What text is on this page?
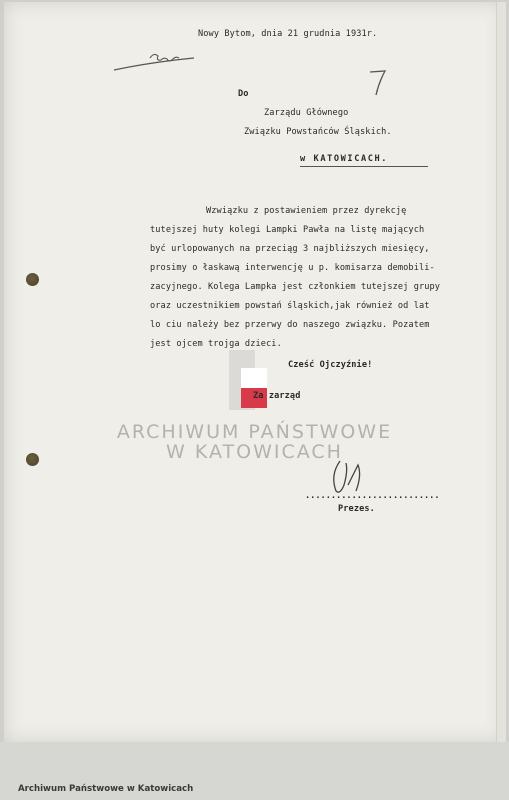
Nowy Bytom, dnia 21 grudnia 1931r.
Do
Zarządu Głównego
Związku Powstańców Śląskich.
w KATOWICACH.
Wzwiązku z postawieniem przez dyrekcję
tutejszej huty kolegi Lampki Pawła na listę mających
być urlopowanych na przeciąg 3 najbliższych miesięcy,
prosimy o łaskawą interwencję u p. komisarza demobili-
zacyjnego. Kolega Lampka jest członkiem tutejszej grupy
oraz uczestnikiem powstań śląskich,jak również od lat
lo ciu należy bez przerwy do naszego związku. Pozatem
jest ojcem trojga dzieci.
Cześć Ojczyźnie!
Za zarząd
ARCHIWUM PAŃSTWOWE
W KATOWICACH
..........................
Prezes.
Archiwum Państwowe w Katowicach
